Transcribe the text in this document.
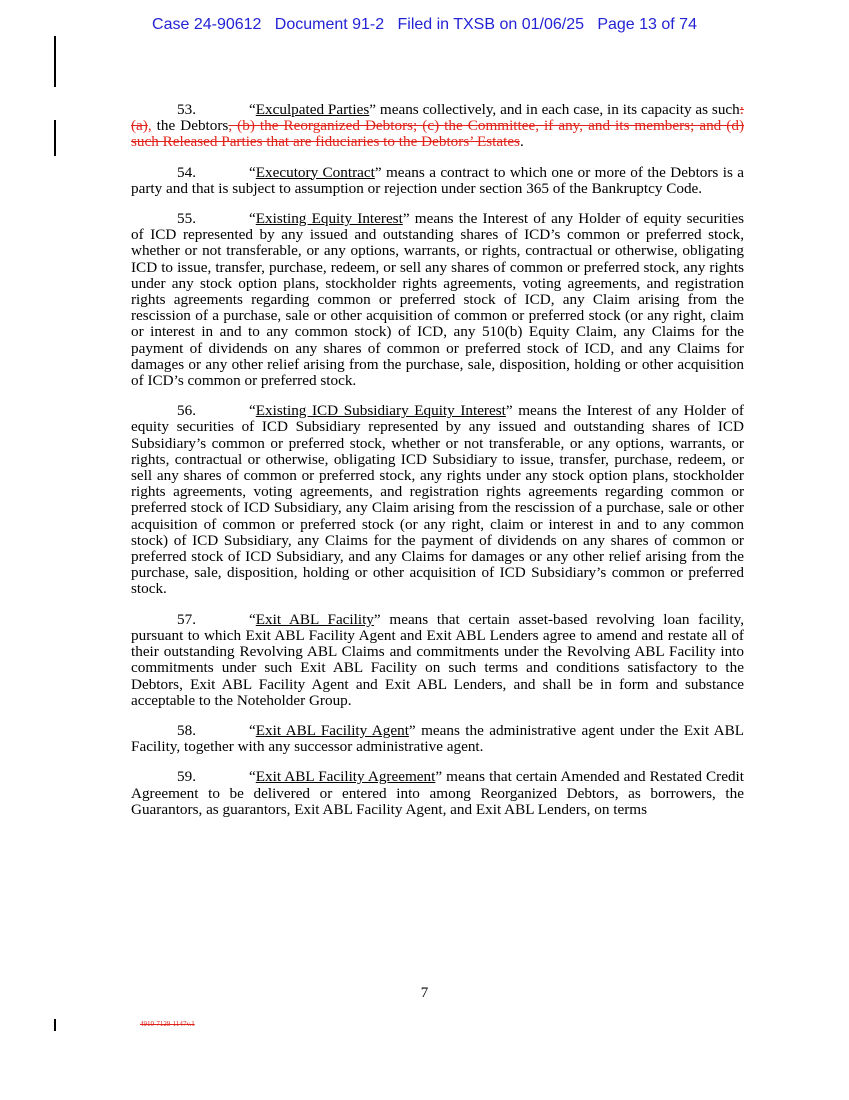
Case 24-90612   Document 91-2   Filed in TXSB on 01/06/25   Page 13 of 74

53.	“Exculpated Parties” means collectively, and in each case, in its capacity as such: (a), the Debtors, (b) the Reorganized Debtors; (c) the Committee, if any, and its members; and (d) such Released Parties that are fiduciaries to the Debtors’ Estates.

54.	“Executory Contract” means a contract to which one or more of the Debtors is a party and that is subject to assumption or rejection under section 365 of the Bankruptcy Code.

55.	“Existing Equity Interest” means the Interest of any Holder of equity securities of ICD represented by any issued and outstanding shares of ICD’s common or preferred stock, whether or not transferable, or any options, warrants, or rights, contractual or otherwise, obligating ICD to issue, transfer, purchase, redeem, or sell any shares of common or preferred stock, any rights under any stock option plans, stockholder rights agreements, voting agreements, and registration rights agreements regarding common or preferred stock of ICD, any Claim arising from the rescission of a purchase, sale or other acquisition of common or preferred stock (or any right, claim or interest in and to any common stock) of ICD, any 510(b) Equity Claim, any Claims for the payment of dividends on any shares of common or preferred stock of ICD, and any Claims for damages or any other relief arising from the purchase, sale, disposition, holding or other acquisition of ICD’s common or preferred stock.

56.	“Existing ICD Subsidiary Equity Interest” means the Interest of any Holder of equity securities of ICD Subsidiary represented by any issued and outstanding shares of ICD Subsidiary’s common or preferred stock, whether or not transferable, or any options, warrants, or rights, contractual or otherwise, obligating ICD Subsidiary to issue, transfer, purchase, redeem, or sell any shares of common or preferred stock, any rights under any stock option plans, stockholder rights agreements, voting agreements, and registration rights agreements regarding common or preferred stock of ICD Subsidiary, any Claim arising from the rescission of a purchase, sale or other acquisition of common or preferred stock (or any right, claim or interest in and to any common stock) of ICD Subsidiary, any Claims for the payment of dividends on any shares of common or preferred stock of ICD Subsidiary, and any Claims for damages or any other relief arising from the purchase, sale, disposition, holding or other acquisition of ICD Subsidiary’s common or preferred stock.

57.	“Exit ABL Facility” means that certain asset-based revolving loan facility, pursuant to which Exit ABL Facility Agent and Exit ABL Lenders agree to amend and restate all of their outstanding Revolving ABL Claims and commitments under the Revolving ABL Facility into commitments under such Exit ABL Facility on such terms and conditions satisfactory to the Debtors, Exit ABL Facility Agent and Exit ABL Lenders, and shall be in form and substance acceptable to the Noteholder Group.

58.	“Exit ABL Facility Agent” means the administrative agent under the Exit ABL Facility, together with any successor administrative agent.

59.	“Exit ABL Facility Agreement” means that certain Amended and Restated Credit Agreement to be delivered or entered into among Reorganized Debtors, as borrowers, the Guarantors, as guarantors, Exit ABL Facility Agent, and Exit ABL Lenders, on terms

7
4910-7129-1147v.1
